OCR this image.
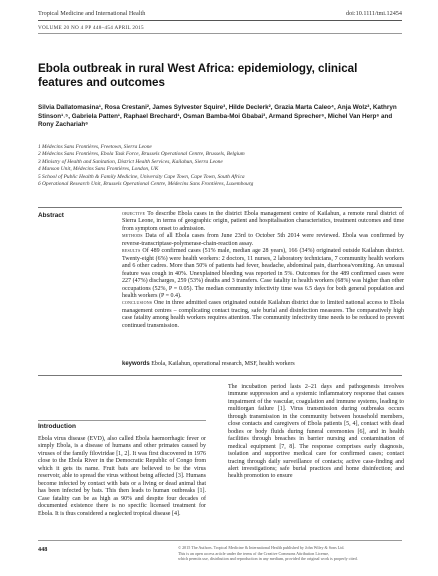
Tropical Medicine and International Health	doi:10.1111/tmi.12454
VOLUME 20 NO 4 PP 448–454 APRIL 2015
Ebola outbreak in rural West Africa: epidemiology, clinical features and outcomes
Silvia Dallatomasina¹, Rosa Crestani², James Sylvester Squire³, Hilde Declerk², Grazia Marta Caleo⁴, Anja Wolz², Kathryn Stinson¹˒⁵, Gabriela Patten¹, Raphael Brechard¹, Osman Bamba-Moi Gbabai³, Armand Sprecher⁶, Michel Van Herp⁶ and Rony Zachariah⁶
1 Médecins Sans Frontières, Freetown, Sierra Leone
2 Médecins Sans Frontières, Ebola Task Force, Brussels Operational Centre, Brussels, Belgium
3 Ministry of Health and Sanitation, District Health Services, Kailahun, Sierra Leone
4 Manson Unit, Médecins Sans Frontières, London, UK
5 School of Public Health & Family Medicine, University Cape Town, Cape Town, South Africa
6 Operational Research Unit, Brussels Operational Centre, Médecins Sans Frontières, Luxembourg
Abstract	objective To describe Ebola cases in the district Ebola management centre of Kailahun, a remote rural district of Sierra Leone, in terms of geographic origin, patient and hospitalisation characteristics, treatment outcomes and time from symptom onset to admission.
methods Data of all Ebola cases from June 23rd to October 5th 2014 were reviewed. Ebola was confirmed by reverse-transcriptase-polymerase-chain-reaction assay.
results Of 489 confirmed cases (51% male, median age 28 years), 166 (34%) originated outside Kailahun district. Twenty-eight (6%) were health workers: 2 doctors, 11 nurses, 2 laboratory technicians, 7 community health workers and 6 other cadres. More than 50% of patients had fever, headache, abdominal pain, diarrhoea/vomiting. An unusual feature was cough in 40%. Unexplained bleeding was reported in 5%. Outcomes for the 489 confirmed cases were 227 (47%) discharges, 259 (53%) deaths and 3 transfers. Case fatality in health workers (68%) was higher than other occupations (52%, P = 0.05). The median community infectivity time was 6.5 days for both general population and health workers (P = 0.4).
conclusions One in three admitted cases originated outside Kailahun district due to limited national access to Ebola management centres – complicating contact tracing, safe burial and disinfection measures. The comparatively high case fatality among health workers requires attention. The community infectivity time needs to be reduced to prevent continued transmission.
keywords Ebola, Kailahun, operational research, MSF, health workers
Introduction
Ebola virus disease (EVD), also called Ebola haemorrhagic fever or simply Ebola, is a disease of humans and other primates caused by viruses of the family filoviridae [1, 2]. It was first discovered in 1976 close to the Ebola River in the Democratic Republic of Congo from which it gets its name. Fruit bats are believed to be the virus reservoir, able to spread the virus without being affected [3]. Humans become infected by contact with bats or a living or dead animal that has been infected by bats. This then leads to human outbreaks [1]. Case fatality can be as high as 90% and despite four decades of documented existence there is no specific licensed treatment for Ebola. It is thus considered a neglected tropical disease [4].
The incubation period lasts 2–21 days and pathogenesis involves immune suppression and a systemic inflammatory response that causes impairment of the vascular, coagulation and immune systems, leading to multiorgan failure [1]. Virus transmission during outbreaks occurs through transmission in the community between household members, close contacts and caregivers of Ebola patients [5, 4], contact with dead bodies or body fluids during funeral ceremonies [6], and in health facilities through breaches in barrier nursing and contamination of medical equipment [7, 8]. The response comprises early diagnosis, isolation and supportive medical care for confirmed cases; contact tracing through daily surveillance of contacts; active case-finding and alert investigations; safe burial practices and home disinfection; and health promotion to ensure
448	© 2015 The Authors. Tropical Medicine & International Health published by John Wiley & Sons Ltd.
This is an open access article under the terms of the Creative Commons Attribution License,
which permits use, distribution and reproduction in any medium, provided the original work is properly cited.
